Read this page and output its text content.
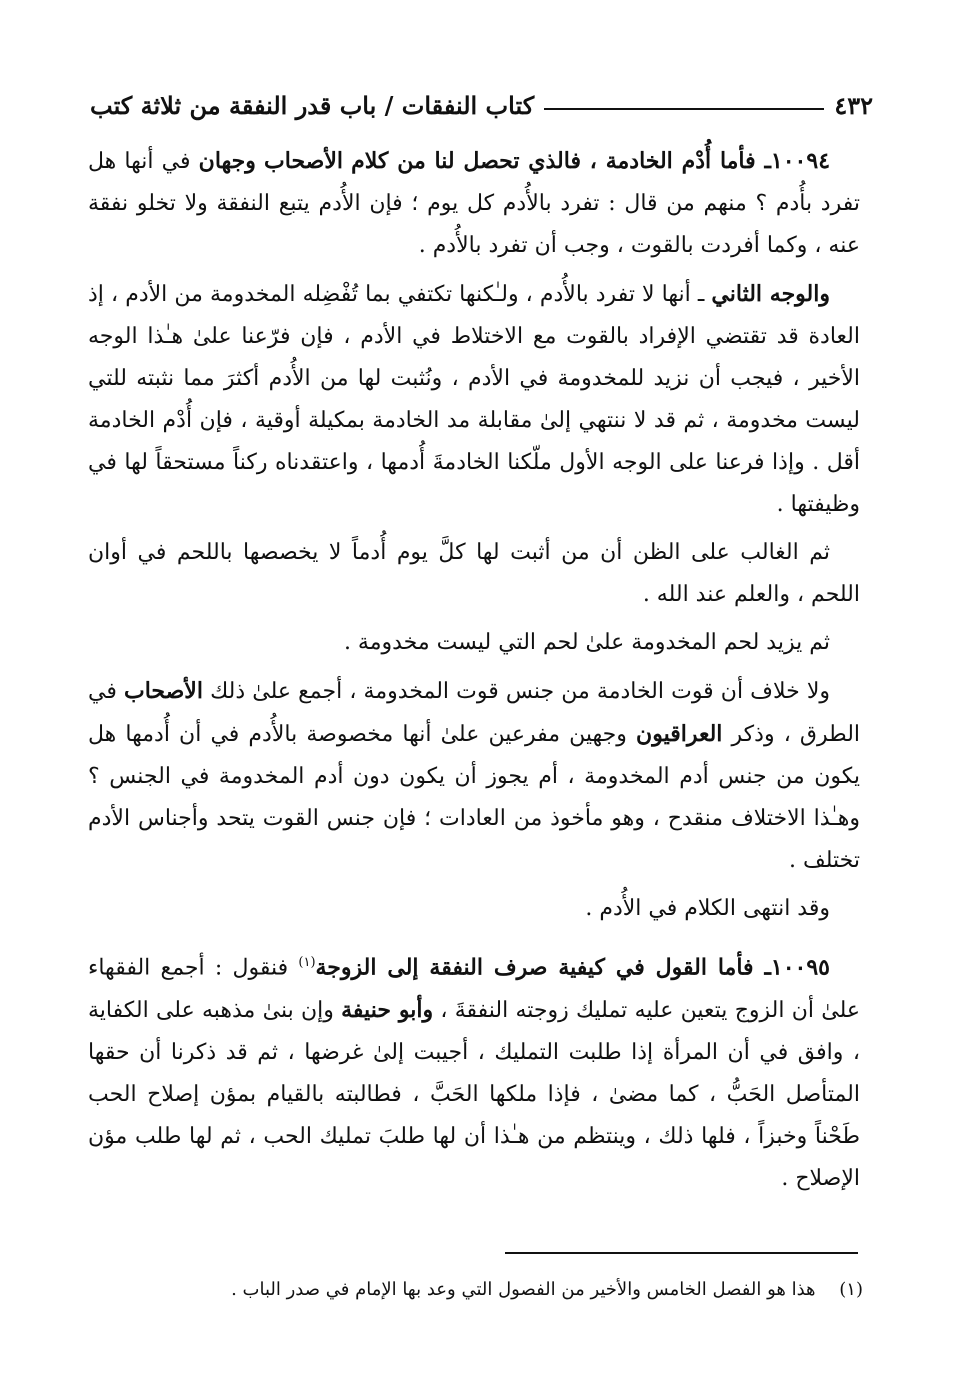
٤٣٢
كتاب النفقات / باب قدر النفقة من ثلاثة كتب

١٠٠٩٤ـ فأما أُدْم الخادمة ، فالذي تحصل لنا من كلام الأصحاب وجهان في أنها هل تفرد بأُدم ؟ منهم من قال : تفرد بالأُدم كل يوم ؛ فإن الأُدم يتبع النفقة ولا تخلو نفقة عنه ، وكما أفردت بالقوت ، وجب أن تفرد بالأُدم .

والوجه الثاني ـ أنها لا تفرد بالأُدم ، ولـٰكنها تكتفي بما تُفْضِله المخدومة من الأدم ، إذ العادة قد تقتضي الإفراد بالقوت مع الاختلاط في الأدم ، فإن فرّعنا علىٰ هـٰذا الوجه الأخير ، فيجب أن نزيد للمخدومة في الأدم ، ونُثبت لها من الأُدم أكثرَ مما نثبته للتي ليست مخدومة ، ثم قد لا ننتهي إلىٰ مقابلة مد الخادمة بمكيلة أوقية ، فإن أُدْم الخادمة أقل . وإذا فرعنا على الوجه الأول ملّكنا الخادمةَ أُدمها ، واعتقدناه ركناً مستحقاً لها في وظيفتها .

ثم الغالب على الظن أن من أثبت لها كلَّ يوم أُدماً لا يخصصها باللحم في أوان اللحم ، والعلم عند الله .

ثم يزيد لحم المخدومة علىٰ لحم التي ليست مخدومة .

ولا خلاف أن قوت الخادمة من جنس قوت المخدومة ، أجمع علىٰ ذلك الأصحاب في الطرق ، وذكر العراقيون وجهين مفرعين علىٰ أنها مخصوصة بالأُدم في أن أُدمها هل يكون من جنس أدم المخدومة ، أم يجوز أن يكون دون أدم المخدومة في الجنس ؟ وهـٰذا الاختلاف منقدح ، وهو مأخوذ من العادات ؛ فإن جنس القوت يتحد وأجناس الأدم تختلف .

وقد انتهى الكلام في الأُدم .

١٠٠٩٥ـ فأما القول في كيفية صرف النفقة إلى الزوجة$^{(١)}$ فنقول : أجمع الفقهاء علىٰ أن الزوج يتعين عليه تمليك زوجته النفقةَ ، وأبو حنيفة وإن بنىٰ مذهبه على الكفاية ، وافق في أن المرأة إذا طلبت التمليك ، أجيبت إلىٰ غرضها ، ثم قد ذكرنا أن حقها المتأصل الحَبُّ ، كما مضىٰ ، فإذا ملكها الحَبَّ ، فطالبته بالقيام بمؤن إصلاح الحب طَحْناً وخبزاً ، فلها ذلك ، وينتظم من هـٰذا أن لها طلبَ تمليك الحب ، ثم لها طلب مؤن الإصلاح .

(١) هذا هو الفصل الخامس والأخير من الفصول التي وعد بها الإمام في صدر الباب .
